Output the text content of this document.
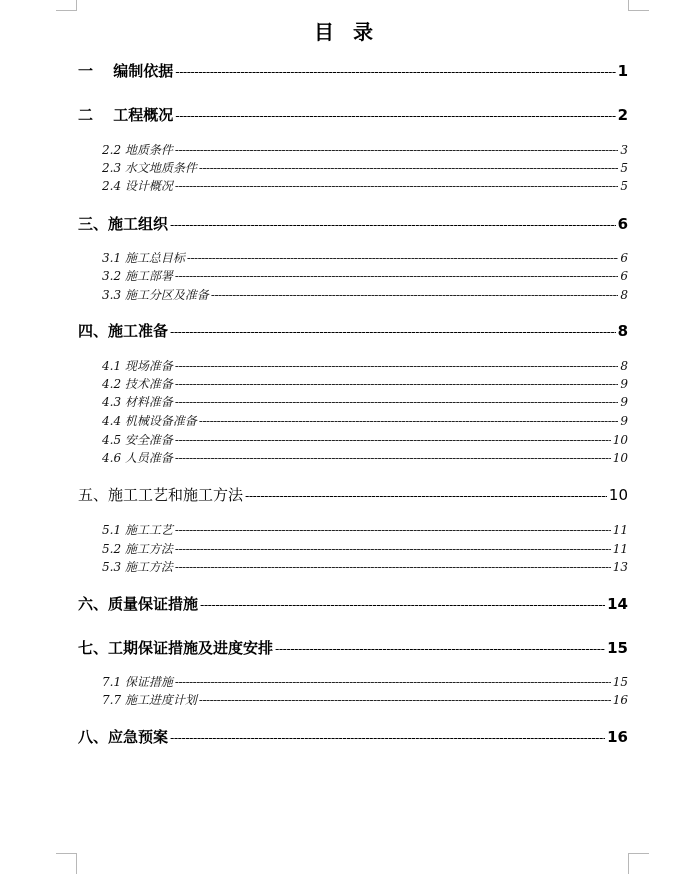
目 录
一　 编制依据 -----	1
二　 工程概况 -----	2
2.2 地质条件 -----	3
2.3 水文地质条件 -----	5
2.4 设计概况 -----	5
三、施工组织 -----	6
3.1 施工总目标 -----	6
3.2 施工部署 -----	6
3.3 施工分区及准备 -----	8
四、施工准备 -----	8
4.1 现场准备 -----	8
4.2 技术准备 -----	9
4.3 材料准备 -----	9
4.4 机械设备准备 -----	9
4.5 安全准备 -----	10
4.6 人员准备 -----	10
五、施工工艺和施工方法 -----	10
5.1 施工工艺 -----	11
5.2 施工方法 -----	11
5.3 施工方法 -----	13
六、质量保证措施 -----	14
七、工期保证措施及进度安排 -----	15
7.1 保证措施 -----	15
7.7 施工进度计划 -----	16
八、应急预案 -----	16
